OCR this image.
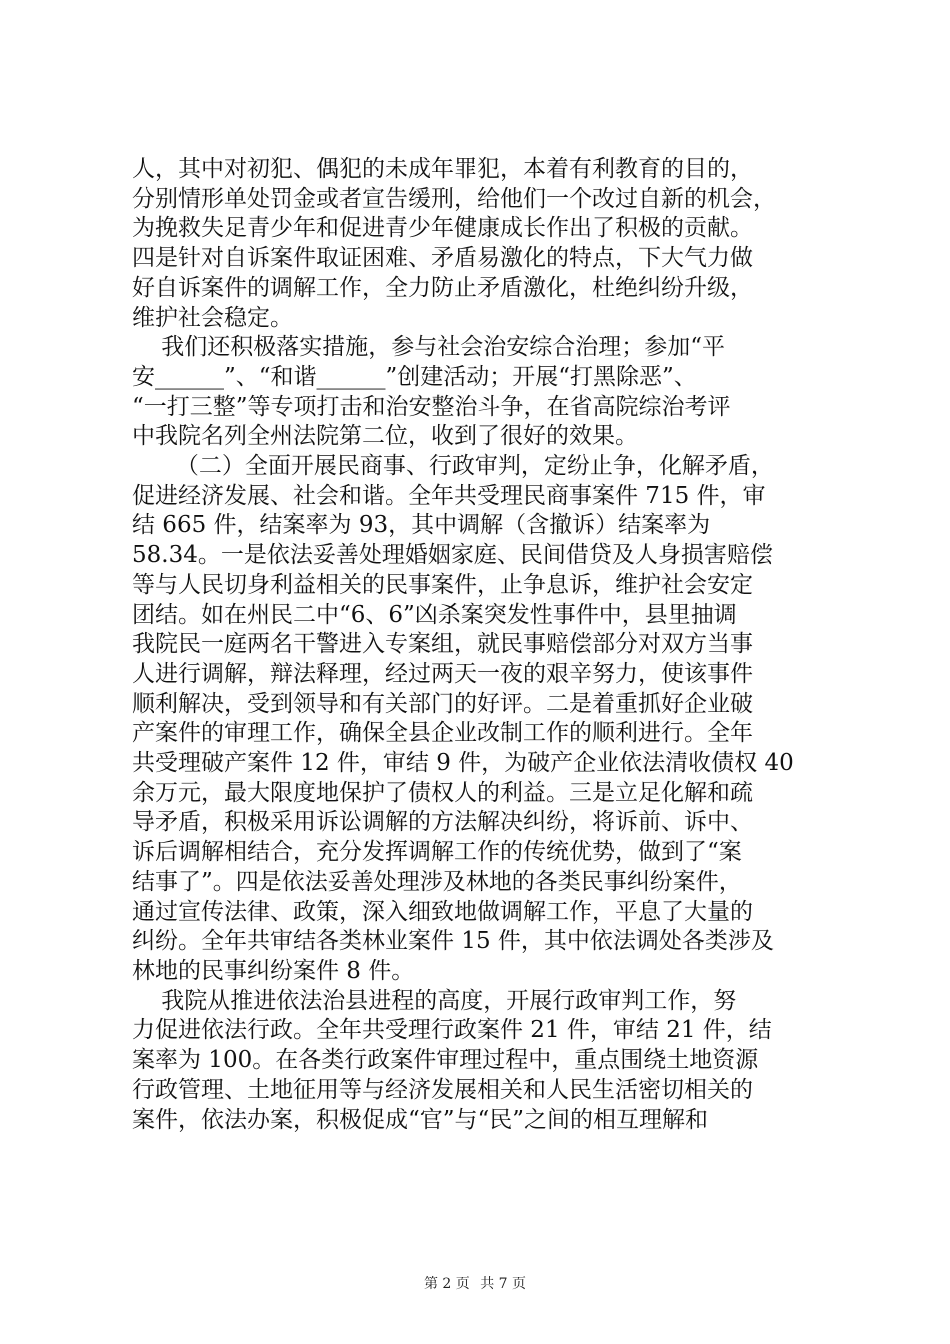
人，其中对初犯、偶犯的未成年罪犯，本着有利教育的目的，
分别情形单处罚金或者宣告缓刑，给他们一个改过自新的机会，
为挽救失足青少年和促进青少年健康成长作出了积极的贡献。
四是针对自诉案件取证困难、矛盾易激化的特点，下大气力做
好自诉案件的调解工作，全力防止矛盾激化，杜绝纠纷升级，
维护社会稳定。
我们还积极落实措施，参与社会治安综合治理；参加“平
安______”、“和谐______”创建活动；开展“打黑除恶”、
“一打三整”等专项打击和治安整治斗争，在省高院综治考评
中我院名列全州法院第二位，收到了很好的效果。
（二）全面开展民商事、行政审判，定纷止争，化解矛盾，
促进经济发展、社会和谐。全年共受理民商事案件 715 件，审
结 665 件，结案率为 93，其中调解（含撤诉）结案率为
58.34。一是依法妥善处理婚姻家庭、民间借贷及人身损害赔偿
等与人民切身利益相关的民事案件，止争息诉，维护社会安定
团结。如在州民二中“6、6”凶杀案突发性事件中，县里抽调
我院民一庭两名干警进入专案组，就民事赔偿部分对双方当事
人进行调解，辩法释理，经过两天一夜的艰辛努力，使该事件
顺利解决，受到领导和有关部门的好评。二是着重抓好企业破
产案件的审理工作，确保全县企业改制工作的顺利进行。全年
共受理破产案件 12 件，审结 9 件，为破产企业依法清收债权 40
余万元，最大限度地保护了债权人的利益。三是立足化解和疏
导矛盾，积极采用诉讼调解的方法解决纠纷，将诉前、诉中、
诉后调解相结合，充分发挥调解工作的传统优势，做到了“案
结事了”。四是依法妥善处理涉及林地的各类民事纠纷案件，
通过宣传法律、政策，深入细致地做调解工作，平息了大量的
纠纷。全年共审结各类林业案件 15 件，其中依法调处各类涉及
林地的民事纠纷案件 8 件。
我院从推进依法治县进程的高度，开展行政审判工作，努
力促进依法行政。全年共受理行政案件 21 件，审结 21 件，结
案率为 100。在各类行政案件审理过程中，重点围绕土地资源
行政管理、土地征用等与经济发展相关和人民生活密切相关的
案件，依法办案，积极促成“官”与“民”之间的相互理解和
第 2 页 共 7 页
